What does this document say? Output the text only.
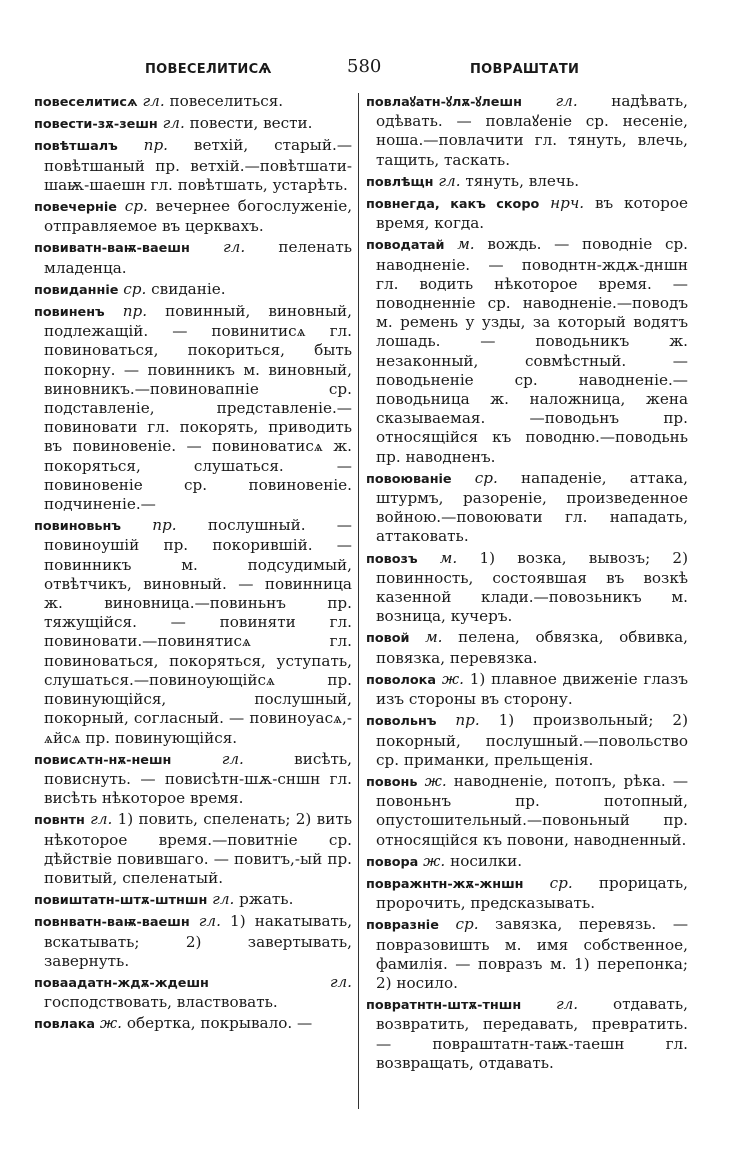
ПОВЕСЕЛИТИСѦ	580	ПОВРАШТАТИ

повеселитисѧ гл. повеселиться.

повести-зѫ-зешн гл. повести, вести.

повѣтшалъ пр. ветхій, старый.—повѣтшаный пр. ветхій.—повѣтшати-шаѭ-шаешн гл. повѣтшать, устарѣть.

повечерніе ср. вечернее богослуженіе, отправляемое въ церквахъ.

повиватн-ваѭ-ваешн гл. пеленать младенца.

повиданніе ср. свиданіе.

повиненъ пр. повинный, виновный, подлежащій. — повинитисѧ гл. повиноваться, покориться, быть покорну. — повинникъ м. виновный, виновникъ.—повиновапніе ср. подставленіе, представленіе.—повиновати гл. покорять, приводить въ повиновеніе. — повиноватисѧ ж. покоряться, слушаться. — повиновеніе ср. повиновеніе. подчиненіе.—

повиновьнъ пр. послушный. — повиноушій пр. покорившій. — повинникъ м. подсудимый, отвѣтчикъ, виновный. — повинница ж. виновница.—повиньнъ пр. тяжущійся. — повиняти гл. повиновати.—повинятисѧ гл. повиноваться, покоряться, уступать, слушаться.—повиноующійсѧ пр. повинующійся, послушный, покорный, согласный. — повиноуасѧ,-ѧйсѧ пр. повинующійся.

повисѧтн-нѫ-нешн	гл.	висѣть, повиснуть. — повисѣтн-шѫ-сншн гл. висѣть нѣкоторое время.

повнтн гл. 1) повить, спеленать; 2) вить нѣкоторое время.—повитніе ср. дѣйствіе повившаго. — повитъ,-ый пр. повитый, спеленатый.

повиштатн-штѫ-штншн гл. ржать.

повнватн-ваѭ-ваешн гл. 1) накатывать, вскатывать; 2) завертывать, завернуть.

поваадатн-ждѫ-ждешн	гл. господствовать, властвовать.

повлака ж. обертка, покрывало. —

повлаꙋатн-ꙋлѫ-ꙋлешн гл. надѣвать, одѣвать. — повлаꙋеніе ср. несеніе, ноша.—повлачити гл. тянуть, влечь, тащить, таскать.

повлѣщн гл. тянуть, влечь.

повнегда, какъ скоро нрч. въ которое время, когда.

поводатай м. вождь. — поводніе ср. наводненіе. — поводнтн-ждѫ-дншн гл. водить нѣкоторое время. — поводненніе ср. наводненіе.—поводъ м. ремень у узды, за который водятъ лошадь. — поводьникъ ж. незаконный, совмѣстный. — поводьненіе ср. наводненіе.—поводьница ж. наложница, жена сказываемая. —поводьнъ пр. относящійся къ поводню.—поводьнь пр. наводненъ.

повоюваніе ср. нападеніе, аттака, штурмъ, разореніе, произведенное войною.—повоювати гл. нападать, аттаковать.

повозъ м. 1) возка, вывозъ; 2) повинность, состоявшая въ возкѣ казенной клади.—повозьникъ м. возница, кучеръ.

повой м. пелена, обвязка, обвивка, повязка, перевязка.

поволока ж. 1) плавное движеніе глазъ изъ стороны въ сторону.

повольнъ пр. 1) произвольный; 2) покорный, послушный.—повольство ср. приманки, прельщенія.

повонь ж. наводненіе, потопъ, рѣка. —повоньнъ пр. потопный, опустошительный.—повоньный пр. относящійся къ повони, наводненный.

повора ж. носилки.

повражнтн-жѫ-жншн ср. прорицать, пророчить, предсказывать.

повразніе ср. завязка, перевязь. — повразовишть м. имя собственное, фамилія. — повразъ м. 1) перепонка; 2) носило.

повратнтн-штѫ-тншн гл. отдавать, возвратить, передавать, превратить. — повраштатн-таѭ-таешн гл. возвращать, отдавать.
